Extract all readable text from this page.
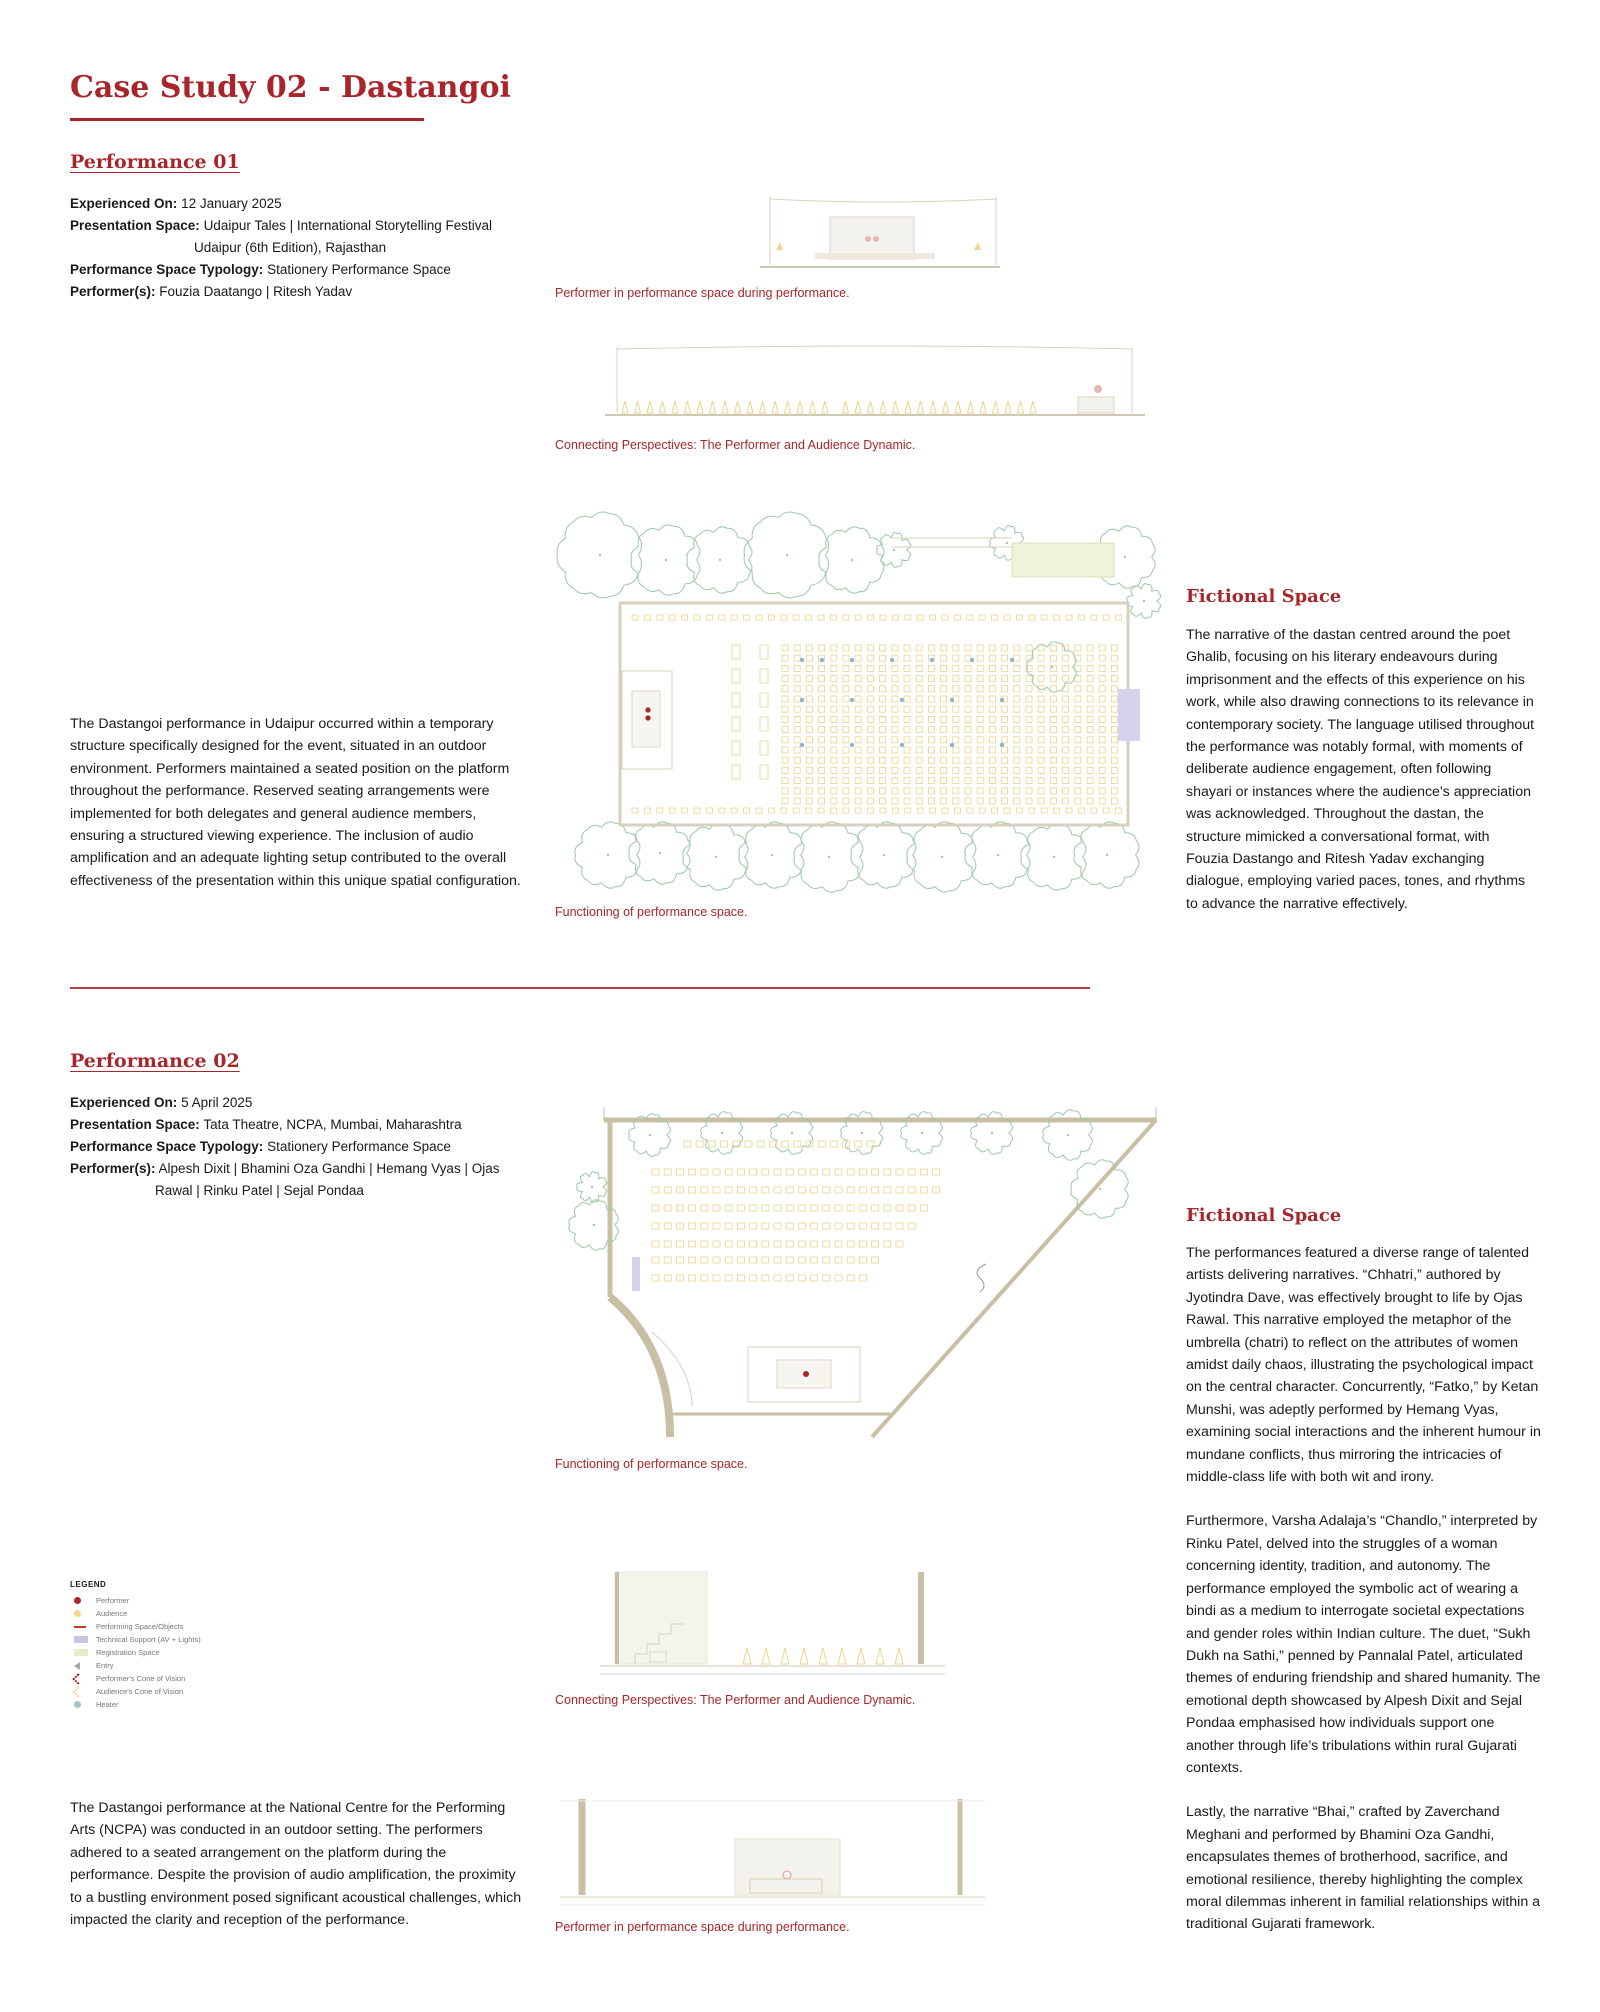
Case Study 02 - Dastangoi
Performance 01
Experienced On: 12 January 2025
Presentation Space: Udaipur Tales | International Storytelling Festival
Udaipur (6th Edition), Rajasthan
Performance Space Typology: Stationery Performance Space
Performer(s): Fouzia Daatango | Ritesh Yadav	Performer in performance space during performance.
Connecting Perspectives: The Performer and Audience Dynamic.
Functioning of performance space.
The Dastangoi performance in Udaipur occurred within a temporary structure specifically designed for the event, situated in an outdoor environment. Performers maintained a seated position on the platform throughout the performance. Reserved seating arrangements were implemented for both delegates and general audience members, ensuring a structured viewing experience. The inclusion of audio amplification and an adequate lighting setup contributed to the overall effectiveness of the presentation within this unique spatial configuration.
Fictional Space
The narrative of the dastan centred around the poet Ghalib, focusing on his literary endeavours during imprisonment and the effects of this experience on his work, while also drawing connections to its relevance in contemporary society. The language utilised throughout the performance was notably formal, with moments of deliberate audience engagement, often following shayari or instances where the audience's appreciation was acknowledged. Throughout the dastan, the structure mimicked a conversational format, with Fouzia Dastango and Ritesh Yadav exchanging dialogue, employing varied paces, tones, and rhythms to advance the narrative effectively.
Performance 02
Experienced On: 5 April 2025
Presentation Space: Tata Theatre, NCPA, Mumbai, Maharashtra
Performance Space Typology: Stationery Performance Space
Performer(s): Alpesh Dixit | Bhamini Oza Gandhi | Hemang Vyas | Ojas
Rawal | Rinku Patel | Sejal Pondaa
Functioning of performance space.
LEGEND
Performer
Audience
Performing Space/Objects
Technical Support (AV + Lights)
Registration Space
Entry
Performer's Cone of Vision
Audience's Cone of Vision
Heater	Connecting Perspectives: The Performer and Audience Dynamic.
Performer in performance space during performance.
The Dastangoi performance at the National Centre for the Performing Arts (NCPA) was conducted in an outdoor setting. The performers adhered to a seated arrangement on the platform during the performance. Despite the provision of audio amplification, the proximity to a bustling environment posed significant acoustical challenges, which impacted the clarity and reception of the performance.
Fictional Space
The performances featured a diverse range of talented artists delivering narratives. “Chhatri,” authored by Jyotindra Dave, was effectively brought to life by Ojas Rawal. This narrative employed the metaphor of the umbrella (chatri) to reflect on the attributes of women amidst daily chaos, illustrating the psychological impact on the central character. Concurrently, “Fatko,” by Ketan Munshi, was adeptly performed by Hemang Vyas, examining social interactions and the inherent humour in mundane conflicts, thus mirroring the intricacies of middle-class life with both wit and irony.
Furthermore, Varsha Adalaja’s “Chandlo,” interpreted by Rinku Patel, delved into the struggles of a woman concerning identity, tradition, and autonomy. The performance employed the symbolic act of wearing a bindi as a medium to interrogate societal expectations and gender roles within Indian culture. The duet, “Sukh Dukh na Sathi,” penned by Pannalal Patel, articulated themes of enduring friendship and shared humanity. The emotional depth showcased by Alpesh Dixit and Sejal Pondaa emphasised how individuals support one another through life’s tribulations within rural Gujarati contexts.
Lastly, the narrative “Bhai,” crafted by Zaverchand Meghani and performed by Bhamini Oza Gandhi, encapsulates themes of brotherhood, sacrifice, and emotional resilience, thereby highlighting the complex moral dilemmas inherent in familial relationships within a traditional Gujarati framework.
